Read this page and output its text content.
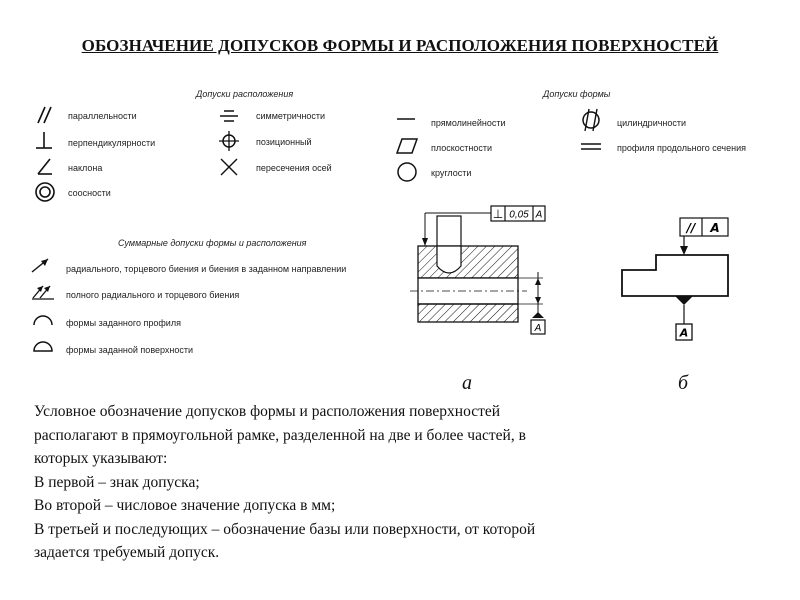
ОБОЗНАЧЕНИЕ ДОПУСКОВ ФОРМЫ И РАСПОЛОЖЕНИЯ ПОВЕРХНОСТЕЙ
Допуски расположения
параллельности
перпендикулярности
наклона
соосности
симметричности
позиционный
пересечения осей
Допуски формы
прямолинейности
плоскостности
круглости
цилиндричности
профиля продольного сечения
Суммарные допуски формы и расположения
радиального, торцевого биения и биения в заданном направлении
полного радиального и торцевого биения
формы заданного профиля
формы заданной поверхности
⊥ 0,05 A
A
а
// A
A
б
Условное обозначение допусков формы и расположения поверхностей
располагают в прямоугольной рамке, разделенной на две и более частей, в
которых указывают:
В первой – знак допуска;
Во второй – числовое значение допуска в мм;
В третьей и последующих – обозначение базы или поверхности, от которой
задается требуемый допуск.
